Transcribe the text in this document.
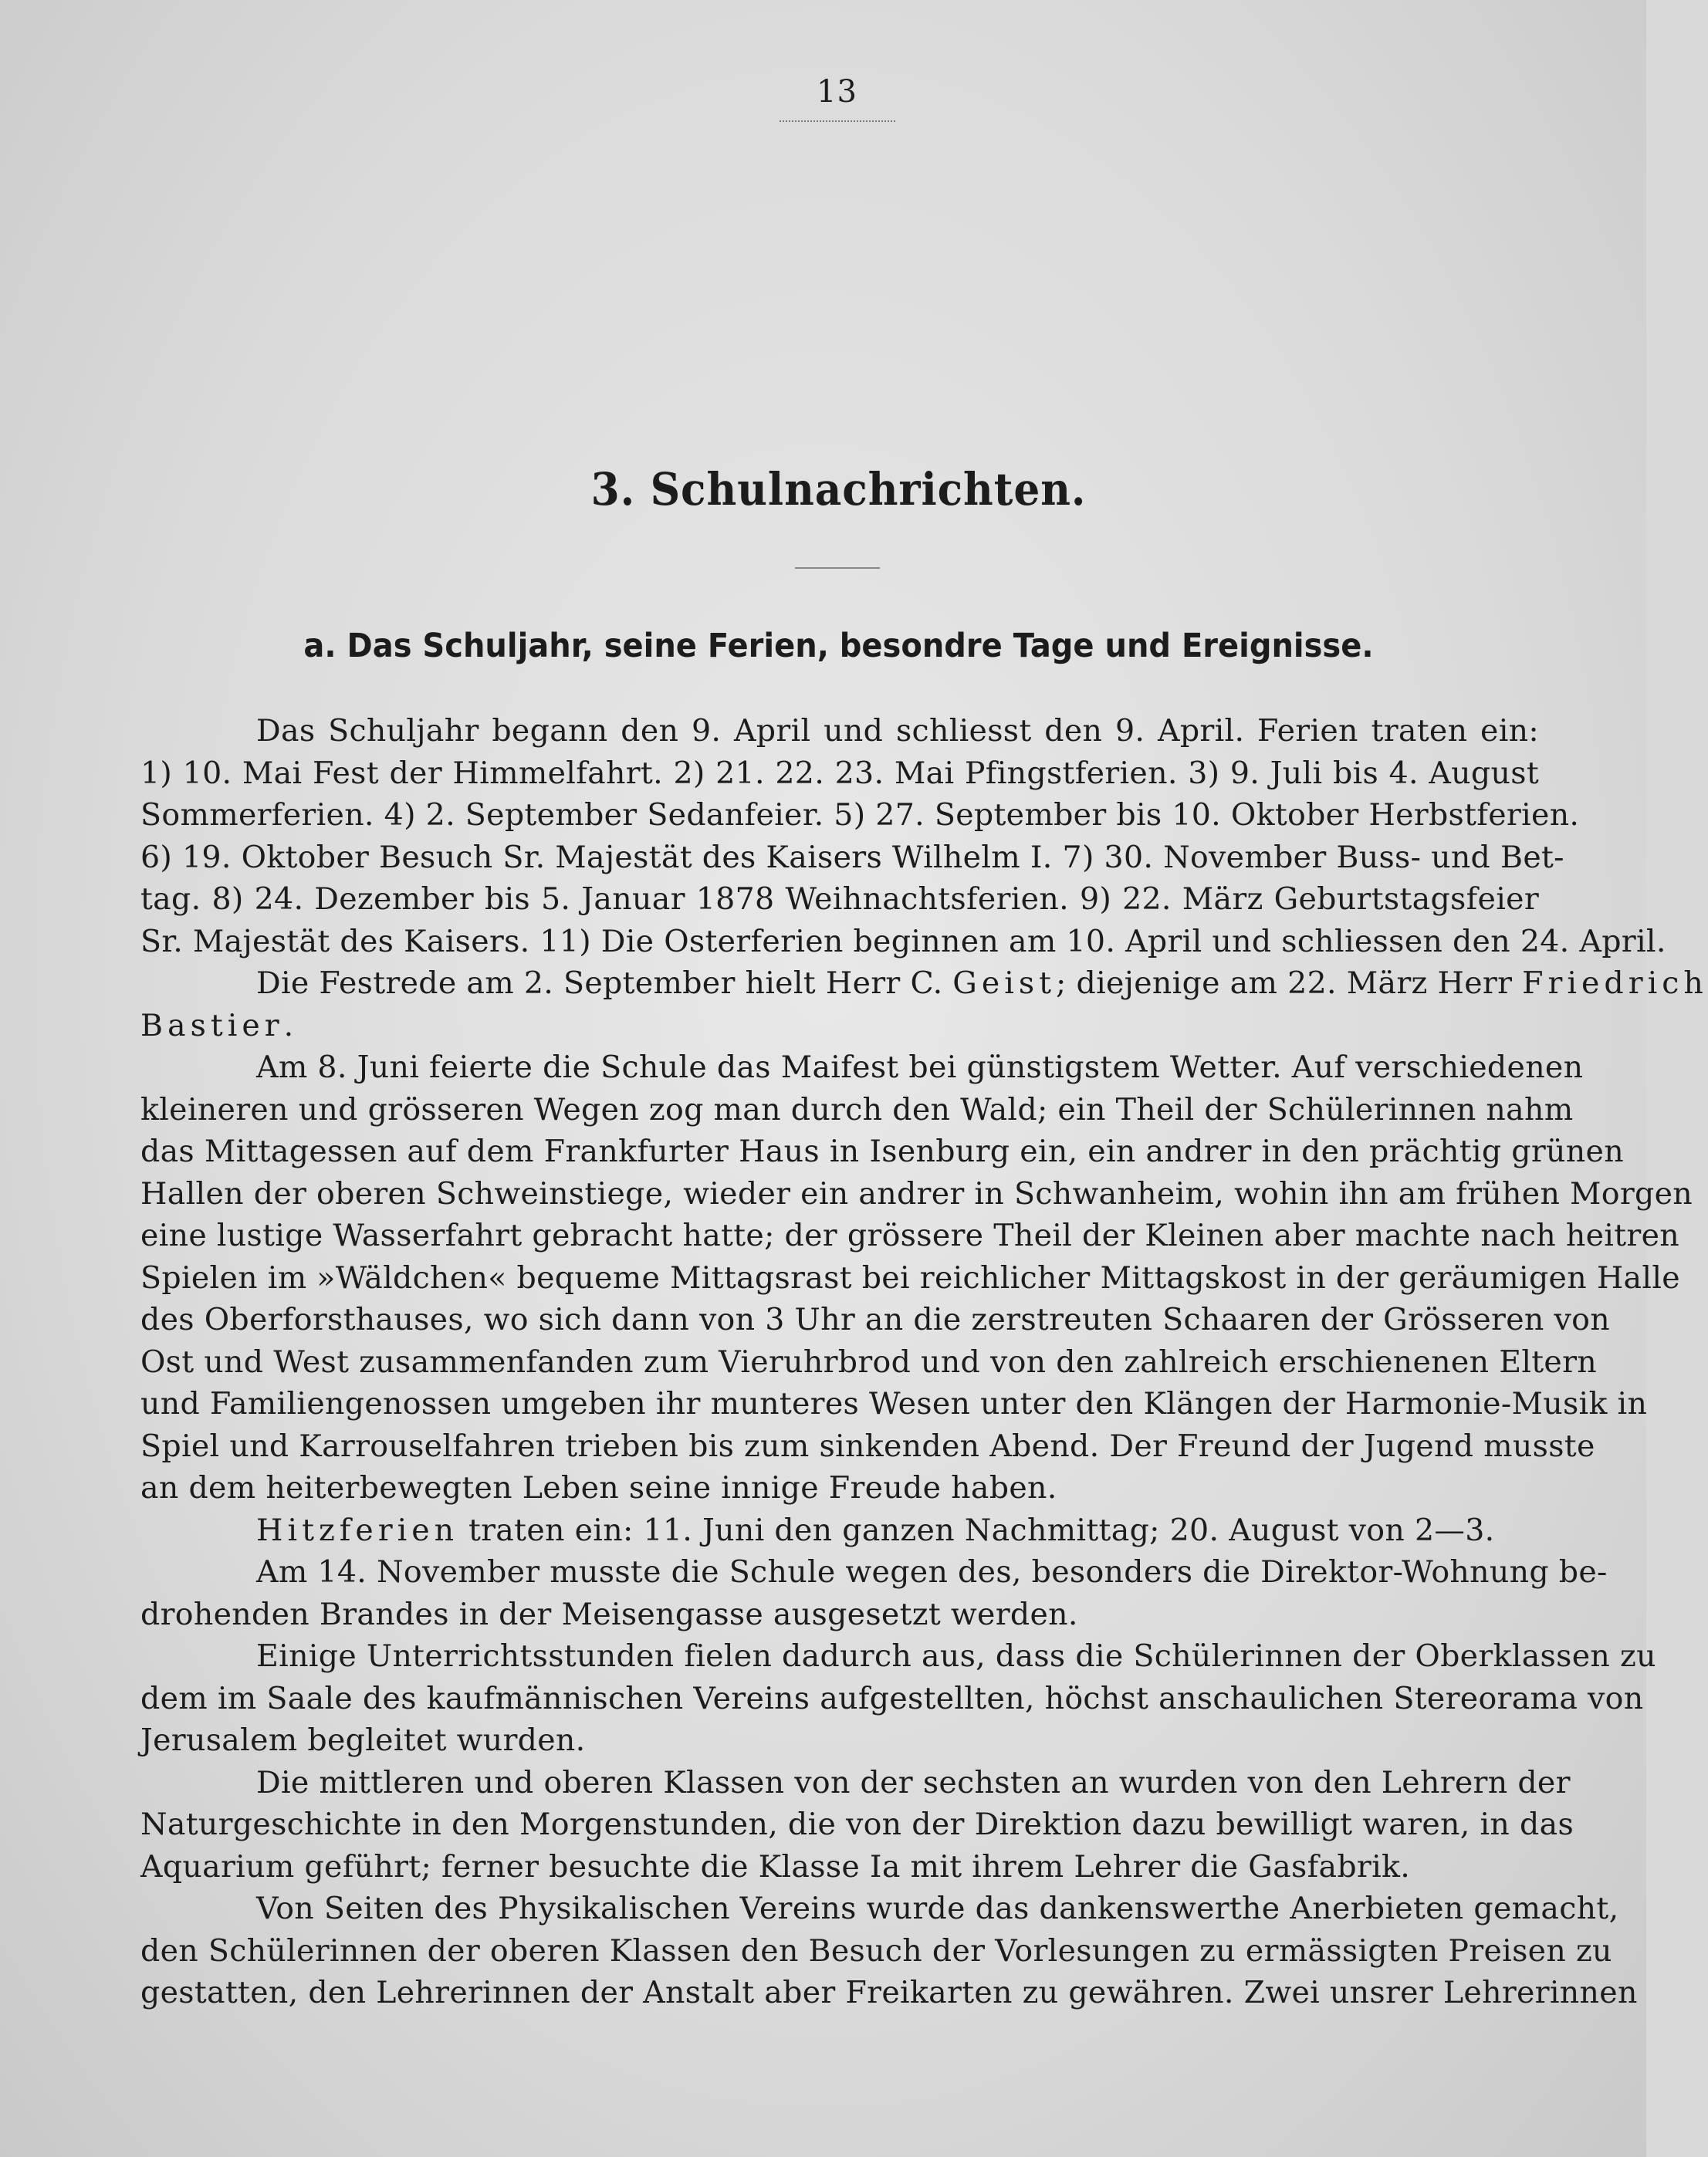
13
3. Schulnachrichten.
a. Das Schuljahr, seine Ferien, besondre Tage und Ereignisse.
Das Schuljahr begann den 9. April und schliesst den 9. April. Ferien traten ein:
1) 10. Mai Fest der Himmelfahrt. 2) 21. 22. 23. Mai Pfingstferien. 3) 9. Juli bis 4. August
Sommerferien. 4) 2. September Sedanfeier. 5) 27. September bis 10. Oktober Herbstferien.
6) 19. Oktober Besuch Sr. Majestät des Kaisers Wilhelm I. 7) 30. November Buss- und Bet-
tag. 8) 24. Dezember bis 5. Januar 1878 Weihnachtsferien. 9) 22. März Geburtstagsfeier
Sr. Majestät des Kaisers. 11) Die Osterferien beginnen am 10. April und schliessen den 24. April.
Die Festrede am 2. September hielt Herr C. Geist; diejenige am 22. März Herr Friedrich
Bastier.
Am 8. Juni feierte die Schule das Maifest bei günstigstem Wetter. Auf verschiedenen
kleineren und grösseren Wegen zog man durch den Wald; ein Theil der Schülerinnen nahm
das Mittagessen auf dem Frankfurter Haus in Isenburg ein, ein andrer in den prächtig grünen
Hallen der oberen Schweinstiege, wieder ein andrer in Schwanheim, wohin ihn am frühen Morgen
eine lustige Wasserfahrt gebracht hatte; der grössere Theil der Kleinen aber machte nach heitren
Spielen im »Wäldchen« bequeme Mittagsrast bei reichlicher Mittagskost in der geräumigen Halle
des Oberforsthauses, wo sich dann von 3 Uhr an die zerstreuten Schaaren der Grösseren von
Ost und West zusammenfanden zum Vieruhrbrod und von den zahlreich erschienenen Eltern
und Familiengenossen umgeben ihr munteres Wesen unter den Klängen der Harmonie-Musik in
Spiel und Karrouselfahren trieben bis zum sinkenden Abend. Der Freund der Jugend musste
an dem heiterbewegten Leben seine innige Freude haben.
Hitzferien traten ein: 11. Juni den ganzen Nachmittag; 20. August von 2—3.
Am 14. November musste die Schule wegen des, besonders die Direktor-Wohnung be-
drohenden Brandes in der Meisengasse ausgesetzt werden.
Einige Unterrichtsstunden fielen dadurch aus, dass die Schülerinnen der Oberklassen zu
dem im Saale des kaufmännischen Vereins aufgestellten, höchst anschaulichen Stereorama von
Jerusalem begleitet wurden.
Die mittleren und oberen Klassen von der sechsten an wurden von den Lehrern der
Naturgeschichte in den Morgenstunden, die von der Direktion dazu bewilligt waren, in das
Aquarium geführt; ferner besuchte die Klasse Ia mit ihrem Lehrer die Gasfabrik.
Von Seiten des Physikalischen Vereins wurde das dankenswerthe Anerbieten gemacht,
den Schülerinnen der oberen Klassen den Besuch der Vorlesungen zu ermässigten Preisen zu
gestatten, den Lehrerinnen der Anstalt aber Freikarten zu gewähren. Zwei unsrer Lehrerinnen
